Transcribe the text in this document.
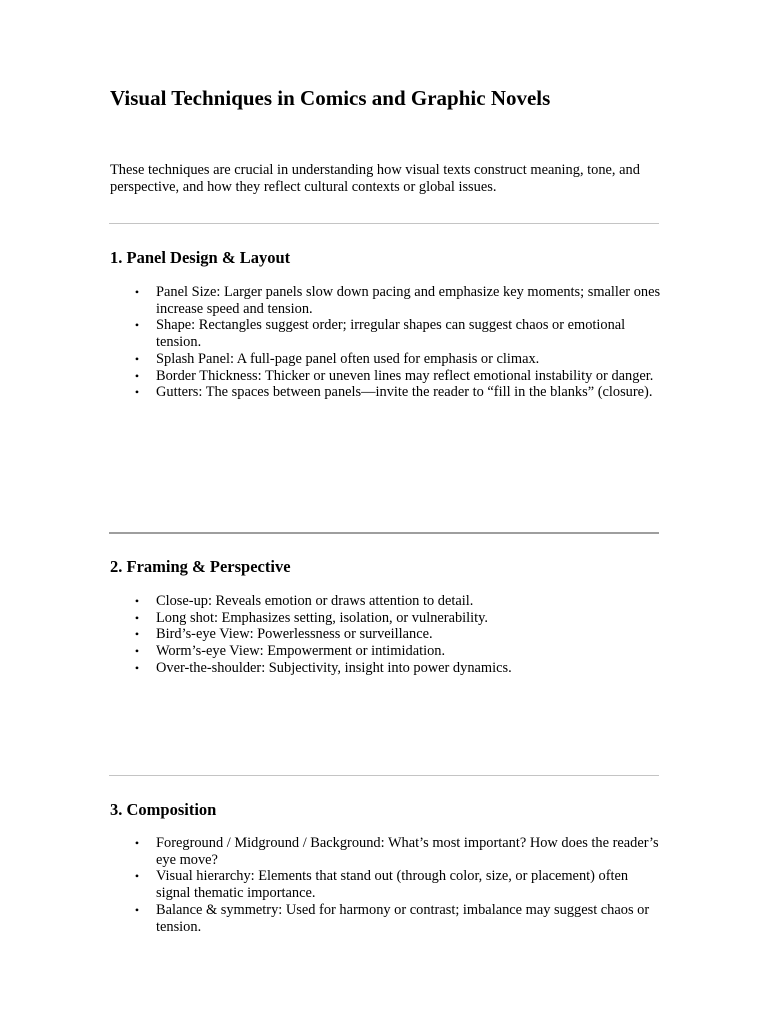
Visual Techniques in Comics and Graphic Novels

These techniques are crucial in understanding how visual texts construct meaning, tone, and perspective, and how they reflect cultural contexts or global issues.

1. Panel Design & Layout
• Panel Size: Larger panels slow down pacing and emphasize key moments; smaller ones increase speed and tension.
• Shape: Rectangles suggest order; irregular shapes can suggest chaos or emotional tension.
• Splash Panel: A full-page panel often used for emphasis or climax.
• Border Thickness: Thicker or uneven lines may reflect emotional instability or danger.
• Gutters: The spaces between panels—invite the reader to “fill in the blanks” (closure).
2. Framing & Perspective
• Close-up: Reveals emotion or draws attention to detail.
• Long shot: Emphasizes setting, isolation, or vulnerability.
• Bird’s-eye View: Powerlessness or surveillance.
• Worm’s-eye View: Empowerment or intimidation.
• Over-the-shoulder: Subjectivity, insight into power dynamics.
3. Composition
• Foreground / Midground / Background: What’s most important? How does the reader’s eye move?
• Visual hierarchy: Elements that stand out (through color, size, or placement) often signal thematic importance.
• Balance & symmetry: Used for harmony or contrast; imbalance may suggest chaos or tension.
